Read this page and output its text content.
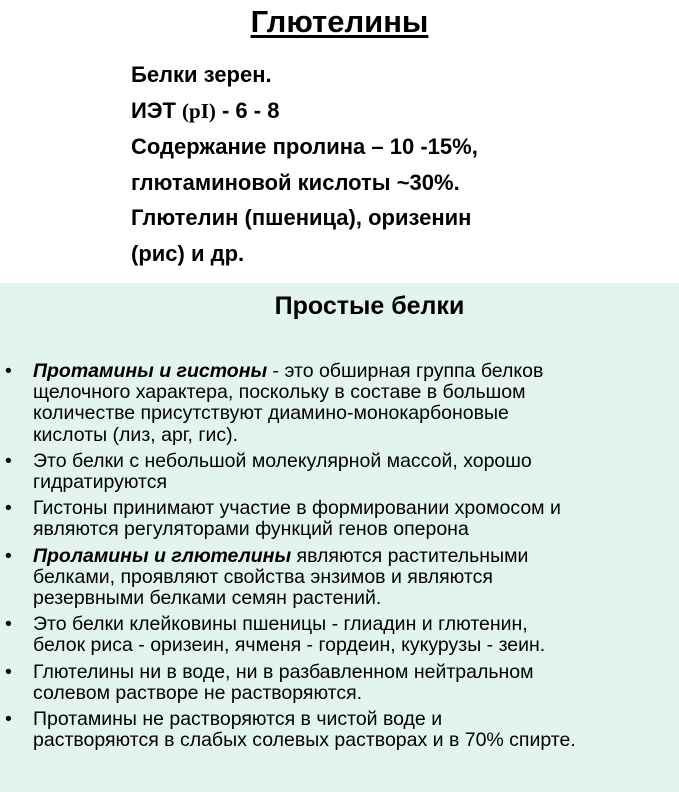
Глютелины
Белки зерен.
ИЭТ (pI) - 6 - 8
Содержание пролина – 10 -15%,
глютаминовой кислоты ~30%.
Глютелин (пшеница), оризенин
(рис) и др.
Простые белки
• Протамины и гистоны - это обширная группа белков
щелочного характера, поскольку в составе в большом
количестве присутствуют диамино-монокарбоновые
кислоты (лиз, арг, гис).
• Это белки с небольшой молекулярной массой, хорошо
гидратируются
• Гистоны принимают участие в формировании хромосом и
являются регуляторами функций генов оперона
• Проламины и глютелины являются растительными
белками, проявляют свойства энзимов и являются
резервными белками семян растений.
• Это белки клейковины пшеницы - глиадин и глютенин,
белок риса - оризеин, ячменя - гордеин, кукурузы - зеин.
• Глютелины ни в воде, ни в разбавленном нейтральном
солевом растворе не растворяются.
• Протамины не растворяются в чистой воде и
растворяются в слабых солевых растворах и в 70% спирте.
